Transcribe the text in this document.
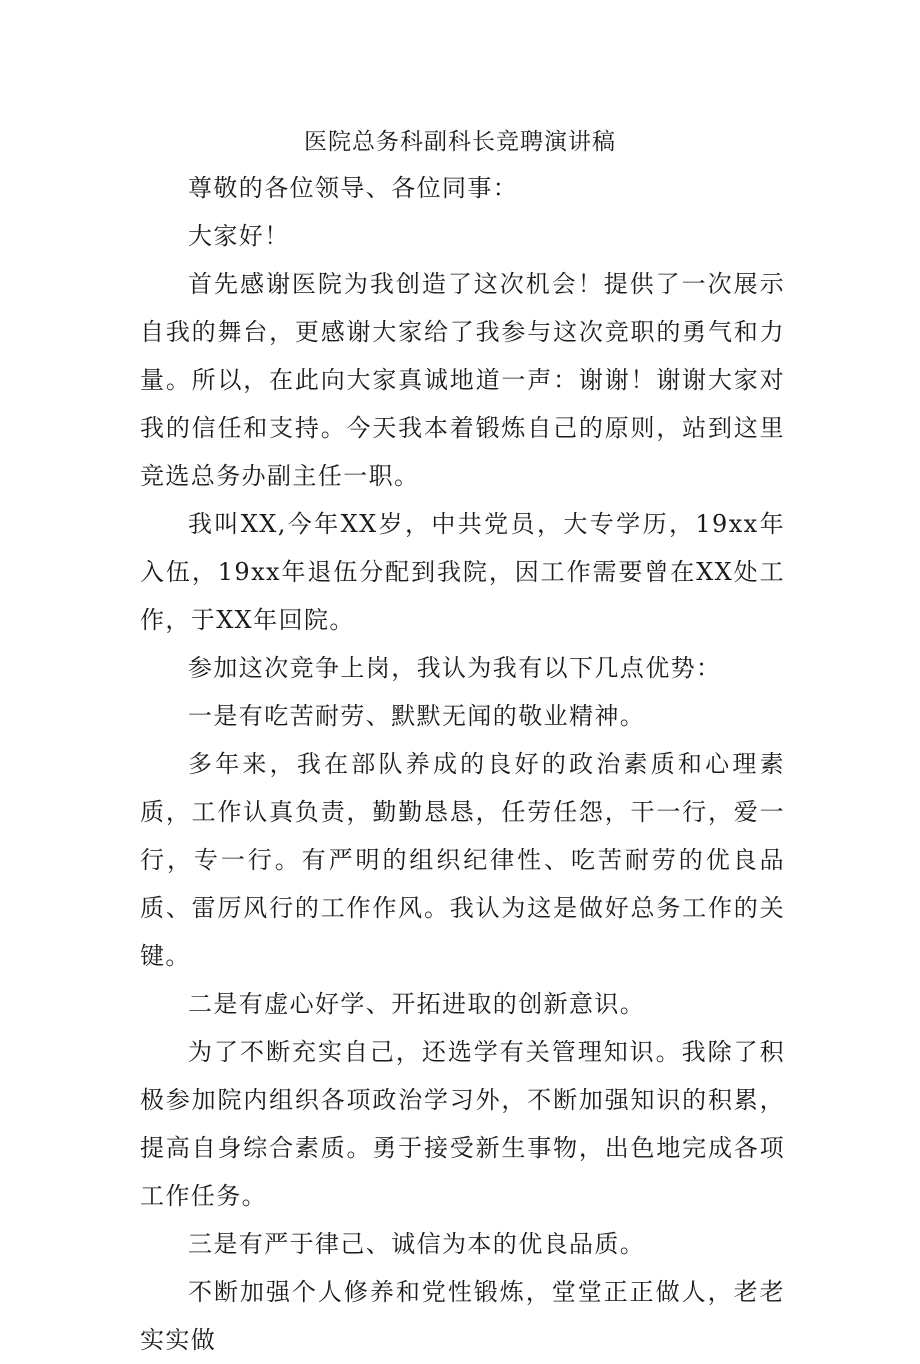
医院总务科副科长竞聘演讲稿

尊敬的各位领导、各位同事：

大家好！

首先感谢医院为我创造了这次机会！提供了一次展示自我的舞台，更感谢大家给了我参与这次竞职的勇气和力量。所以，在此向大家真诚地道一声：谢谢！谢谢大家对我的信任和支持。今天我本着锻炼自己的原则，站到这里竞选总务办副主任一职。

我叫XX,今年XX岁，中共党员，大专学历，19xx年入伍，19xx年退伍分配到我院，因工作需要曾在XX处工作，于XX年回院。

参加这次竞争上岗，我认为我有以下几点优势：

一是有吃苦耐劳、默默无闻的敬业精神。

多年来，我在部队养成的良好的政治素质和心理素质，工作认真负责，勤勤恳恳，任劳任怨，干一行，爱一行，专一行。有严明的组织纪律性、吃苦耐劳的优良品质、雷厉风行的工作作风。我认为这是做好总务工作的关键。

二是有虚心好学、开拓进取的创新意识。

为了不断充实自己，还选学有关管理知识。我除了积极参加院内组织各项政治学习外，不断加强知识的积累，提高自身综合素质。勇于接受新生事物，出色地完成各项工作任务。

三是有严于律己、诚信为本的优良品质。

不断加强个人修养和党性锻炼，堂堂正正做人，老老实实做
